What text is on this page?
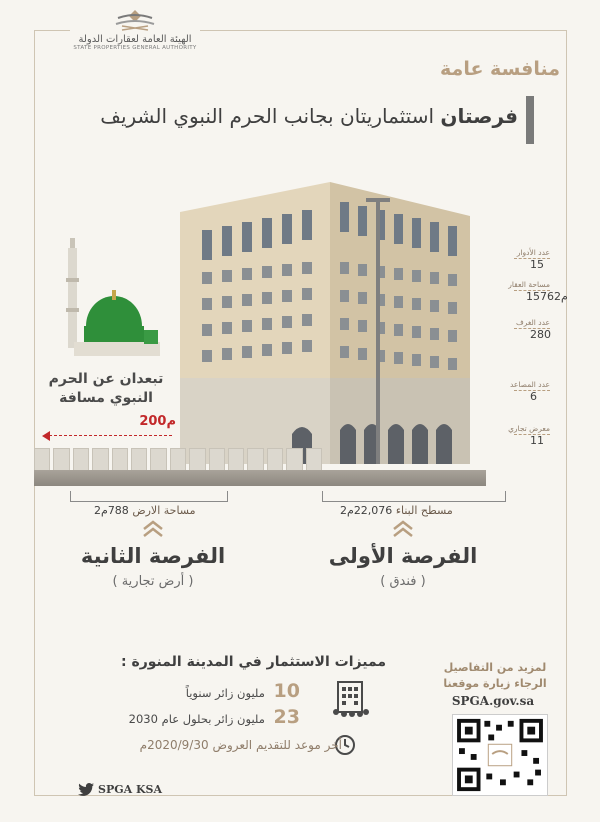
الهيئة العامة لعقارات الدولة
STATE PROPERTIES GENERAL AUTHORITY
منافسة عامة
فرصتان استثماريتان بجانب الحرم النبوي الشريف
عدد الأدوار
15
مساحة العقار
1576م2
عدد الغرف
280
عدد المصاعد
6
معرض تجاري
11
تبعدان عن الحرم النبوي مسافة
200م
مسطح البناء 22,076م2
الفرصة الأولى
( فندق )
مساحة الارض 788م2
الفرصة الثانية
( أرض تجارية )
مميزات الاستثمار في المدينة المنورة :
10 مليون زائر سنوياً
23 مليون زائر بحلول عام 2030
أخر موعد للتقديم العروض 2020/9/30م
لمزيد من التفاصيل الرجاء زيارة موقعنا
SPGA.gov.sa
SPGA KSA
